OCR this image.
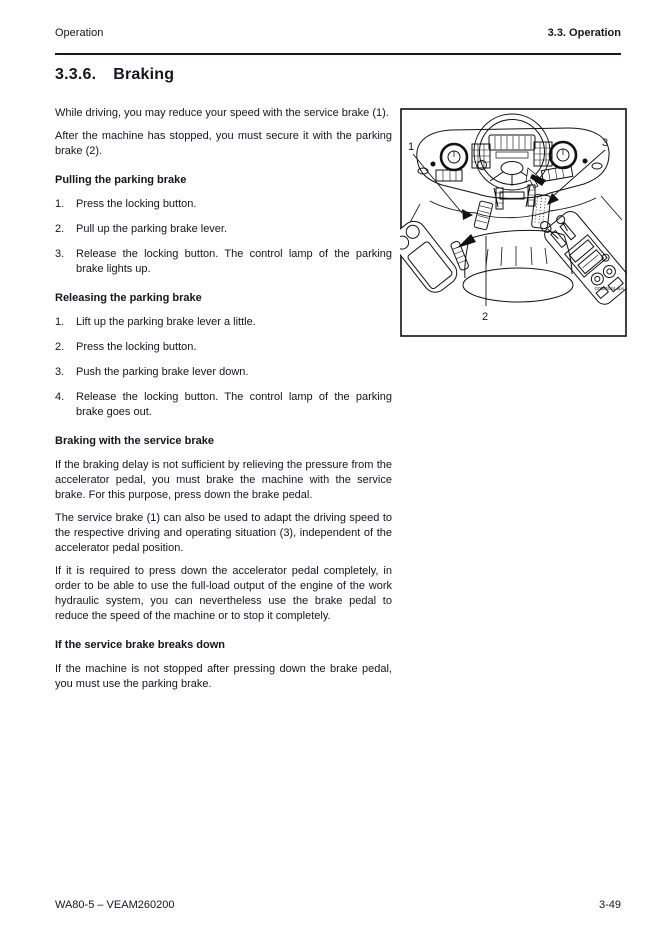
Operation	3.3. Operation
3.3.6. Braking

While driving, you may reduce your speed with the service brake (1).

After the machine has stopped, you must secure it with the parking brake (2).

Pulling the parking brake
1.	Press the locking button.
2.	Pull up the parking brake lever.
3.	Release the locking button. The control lamp of the parking brake lights up.
Releasing the parking brake
1.	Lift up the parking brake lever a little.
2.	Press the locking button.
3.	Push the parking brake lever down.
4.	Release the locking button. The control lamp of the parking brake goes out.
Braking with the service brake

If the braking delay is not sufficient by relieving the pressure from the accelerator pedal, you must brake the machine with the service brake. For this purpose, press down the brake pedal.

The service brake (1) can also be used to adapt the driving speed to the respective driving and operating situation (3), independent of the accelerator pedal position.

If it is required to press down the accelerator pedal completely, in order to be able to use the full-load output of the engine of the work hydraulic system, you can nevertheless use the brake pedal to reduce the speed of the machine or to stop it completely.

If the service brake breaks down

If the machine is not stopped after pressing down the brake pedal, you must use the parking brake.

1	3
2
G0085024.eps
WA80-5 – VEAM260200	3-49
